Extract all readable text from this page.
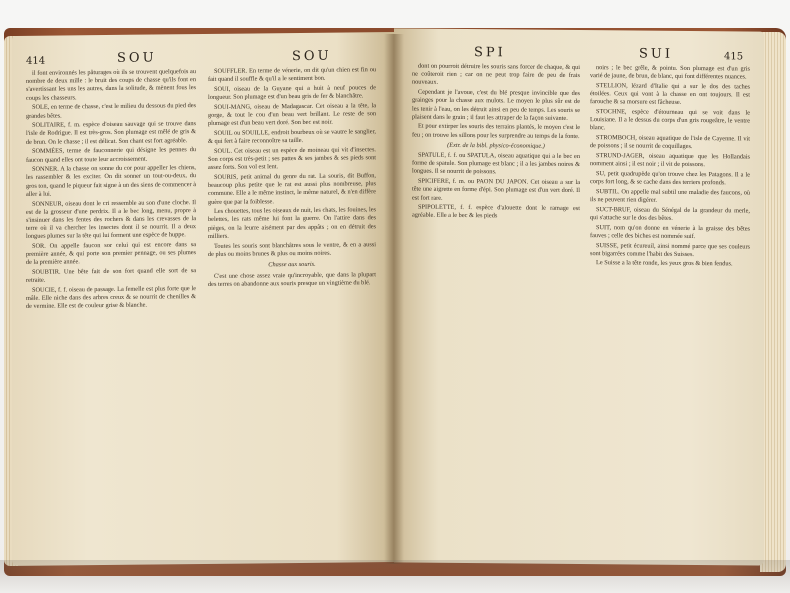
414	SOU	SOU

il font environnés les pâturages où ils se trouvent quelquefois au nombre de deux mille : le bruit des coups de chasse qu'ils font en s'avertissant les uns les autres, dans la solitude, & mènent fous les coups les chasseurs.

SOLE, en terme de chasse, c'est le milieu du dessous du pied des grandes bêtes.

SOLITAIRE, f. m. espèce d'oiseau sauvage qui se trouve dans l'isle de Rodrigue. Il est très-gros. Son plumage est mêlé de gris & de brun. On le chasse ; il est délicat. Son chant est fort agréable.

SOMMÉES, terme de fauconnerie qui désigne les pennes du faucon quand elles ont toute leur accroissement.

SONNER. A la chasse on sonne du cor pour appeller les chiens, les rassembler & les exciter. On dit sonner un tout-ou-deux, du gros ton, quand le piqueur fait signe à un des siens de commencer à aller à lui.

SONNEUR, oiseau dont le cri ressemble au son d'une cloche. Il est de la grosseur d'une perdrix. Il a le bec long, menu, propre à s'insinuer dans les fentes des rochers & dans les crevasses de la terre où il va chercher les insectes dont il se nourrit. Il a deux longues plumes sur la tête qui lui forment une espèce de huppe.

SOR. On appelle faucon sor celui qui est encore dans sa première année, & qui porte son premier pennage, ou ses plumes de la première année.

SOUBTIR. Une bête fait de son fort quand elle sort de sa retraite.

SOUCIE, f. f. oiseau de passage. La femelle est plus forte que le mâle. Elle niche dans des arbres creux & se nourrit de chenilles & de vermine. Elle est de couleur grise & blanche.

SOUFFLER. En terme de vénerie, on dit qu'un chien est fin ou fait quand il souffle & qu'il a le sentiment bon.

SOUI, oiseau de la Guyane qui a huit à neuf pouces de longueur. Son plumage est d'un beau gris de fer & blanchâtre.

SOUI-MANG, oiseau de Madagascar. Cet oiseau a la tête, la gorge, & tout le cou d'un beau vert brillant. Le reste de son plumage est d'un beau vert doré. Son bec est noir.

SOUIL ou SOUILLE, endroit bourbeux où se vautre le sanglier, & qui fert à faire reconnoître sa taille.

SOUL. Cet oiseau est un espèce de moineau qui vit d'insectes. Son corps est très-petit ; ses pattes & ses jambes & ses pieds sont assez forts. Son vol est lent.

SOURIS, petit animal du genre du rat. La souris, dit Buffon, beaucoup plus petite que le rat est aussi plus nombreuse, plus commune. Elle a le même instinct, le même naturel, & n'en diffère guère que par la foiblesse.

Les chouettes, tous les oiseaux de nuit, les chats, les fouines, les belettes, les rats même lui font la guerre. On l'attire dans des pièges, on la leurre aisément par des appâts ; on en détruit des milliers.

Toutes les souris sont blanchâtres sous le ventre, & en a aussi de plus ou moins brunes & plus ou moins noires.

Chasse aux souris.

C'est une chose assez vraie qu'incroyable, que dans la plupart des terres on abandonne aux souris presque un vingtième du blé.

SPI	SUI	415

dont on pourroit détruire les souris sans forcer de chaque, & qui ne coûteroit rien ; car on ne peut trop faire de peu de frais nouveaux.

Cependant je l'avoue, c'est du blé presque invincible que des grainges pour la chasse aux mulots. Le moyen le plus sûr est de les tenir à l'eau, on les détruit ainsi en peu de temps. Les souris se plaisent dans le grain ; il faut les attraper de la façon suivante.

Et pour extirper les souris des terrains plantés, le moyen c'est le feu ; on trouve les sillons pour les surprendre au temps de la fonte.

(Extr. de la bibl. physico-économique.)

SPATULE, f. f. ou SPATULA, oiseau aquatique qui a le bec en forme de spatule. Son plumage est blanc ; il a les jambes noires & longues. Il se nourrit de poissons.

SPICIFERE, f. m. ou PAON DU JAPON. Cet oiseau a sur la tête une aigrette en forme d'épi. Son plumage est d'un vert doré. Il est fort rare.

SPIPOLETTE, f. f. espèce d'alouette dont le ramage est agréable. Elle a le bec & les pieds

noirs ; le bec grêle, & pointu. Son plumage est d'un gris varié de jaune, de brun, de blanc, qui font différentes nuances.

STELLION, lézard d'Italie qui a sur le dos des taches étoilées. Ceux qui vont à la chasse en ont toujours. Il est farouche & sa morsure est fâcheuse.

STOCHNE, espèce d'étourneau qui se voit dans le Louisiane. Il a le dessus du corps d'un gris rougeâtre, le ventre blanc.

STROMBOCH, oiseau aquatique de l'isle de Cayenne. Il vit de poissons ; il se nourrit de coquillages.

STRUND-JAGER, oiseau aquatique que les Hollandais nomment ainsi ; il est noir ; il vit de poissons.

SU, petit quadrupède qu'on trouve chez les Patagons. Il a le corps fort long, & se cache dans des terriers profonds.

SUBTIL. On appelle mal subtil une maladie des faucons, où ils ne peuvent rien digérer.

SUCT-BRUF, oiseau du Sénégal de la grandeur du merle, qui s'attache sur le dos des bêtes.

SUIT, nom qu'on donne en vénerie à la graisse des bêtes fauves ; celle des biches est nommée suif.

SUISSE, petit écureuil, ainsi nommé parce que ses couleurs sont bigarrées comme l'habit des Suisses.

Le Suisse a la tête ronde, les yeux gros & bien fendus.
